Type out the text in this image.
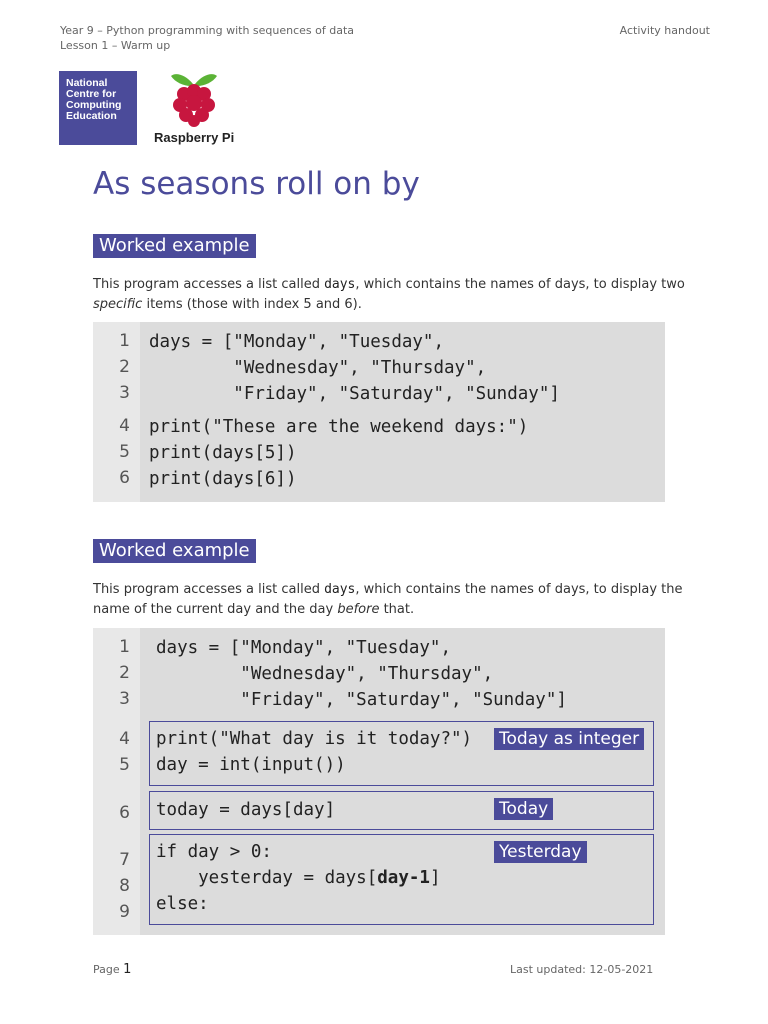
Year 9 – Python programming with sequences of data
Lesson 1 – Warm up
Activity handout
National
Centre for
Computing
Education
Raspberry Pi
As seasons roll on by
Worked example
This program accesses a list called days, which contains the names of days, to display two specific items (those with index 5 and 6).
1
2
3
4
5
6
days = ["Monday", "Tuesday",
"Wednesday", "Thursday",
"Friday", "Saturday", "Sunday"]
print("These are the weekend days:")
print(days[5])
print(days[6])
Worked example
This program accesses a list called days, which contains the names of days, to display the name of the current day and the day before that.
1
2
3
4
5
6
7
8
9
days = ["Monday", "Tuesday",
"Wednesday", "Thursday",
"Friday", "Saturday", "Sunday"]
print("What day is it today?")
day = int(input())
Today as integer
today = days[day]	Today
if day > 0:
yesterday = days[day-1]
else:
Yesterday
Page 1	Last updated: 12-05-2021
